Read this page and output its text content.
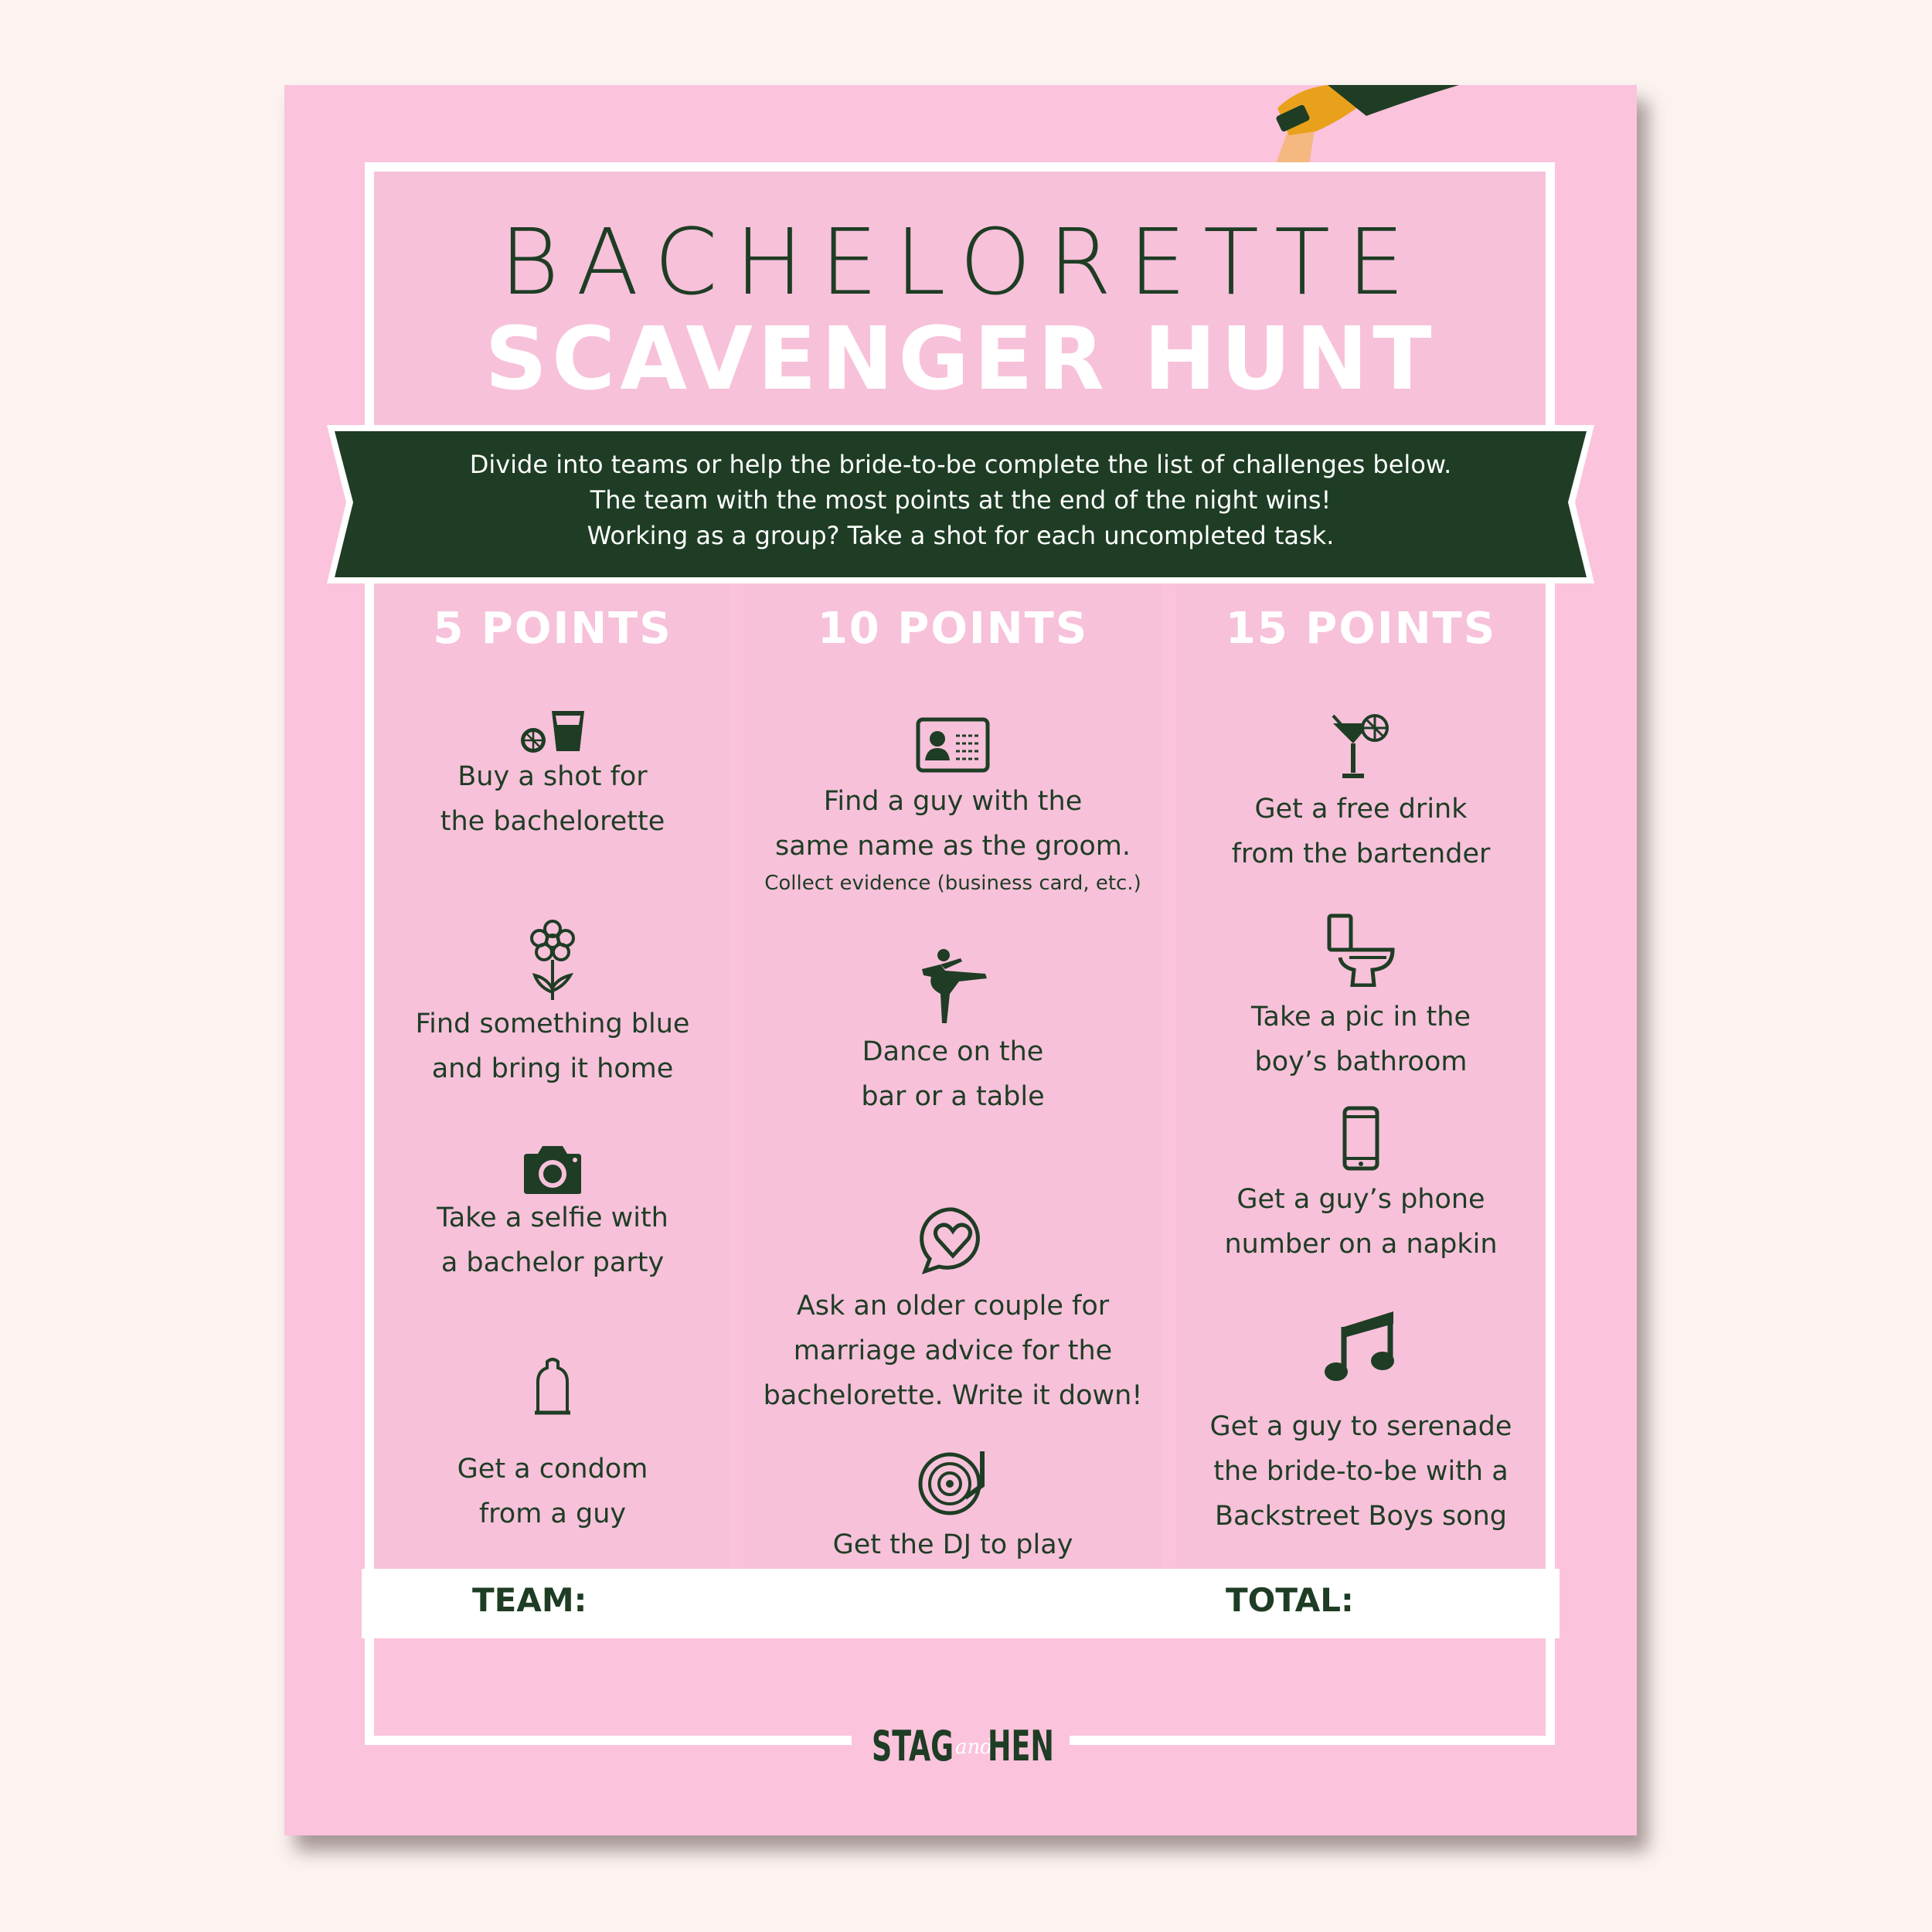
BACHELORETTE
SCAVENGER HUNT
Divide into teams or help the bride-to-be complete the list of challenges below.
The team with the most points at the end of the night wins!
Working as a group? Take a shot for each uncompleted task.
5 POINTS
Buy a shot for
the bachelorette
Find something blue
and bring it home
Take a selfie with
a bachelor party
Get a condom
from a guy
10 POINTS
Find a guy with the
same name as the groom.
Collect evidence (business card, etc.)
Dance on the
bar or a table
Ask an older couple for
marriage advice for the
bachelorette. Write it down!
Get the DJ to play
15 POINTS
Get a free drink
from the bartender
Take a pic in the
boy’s bathroom
Get a guy’s phone
number on a napkin
Get a guy to serenade
the bride-to-be with a
Backstreet Boys song
TEAM:	TOTAL:
STAG and
HEN
